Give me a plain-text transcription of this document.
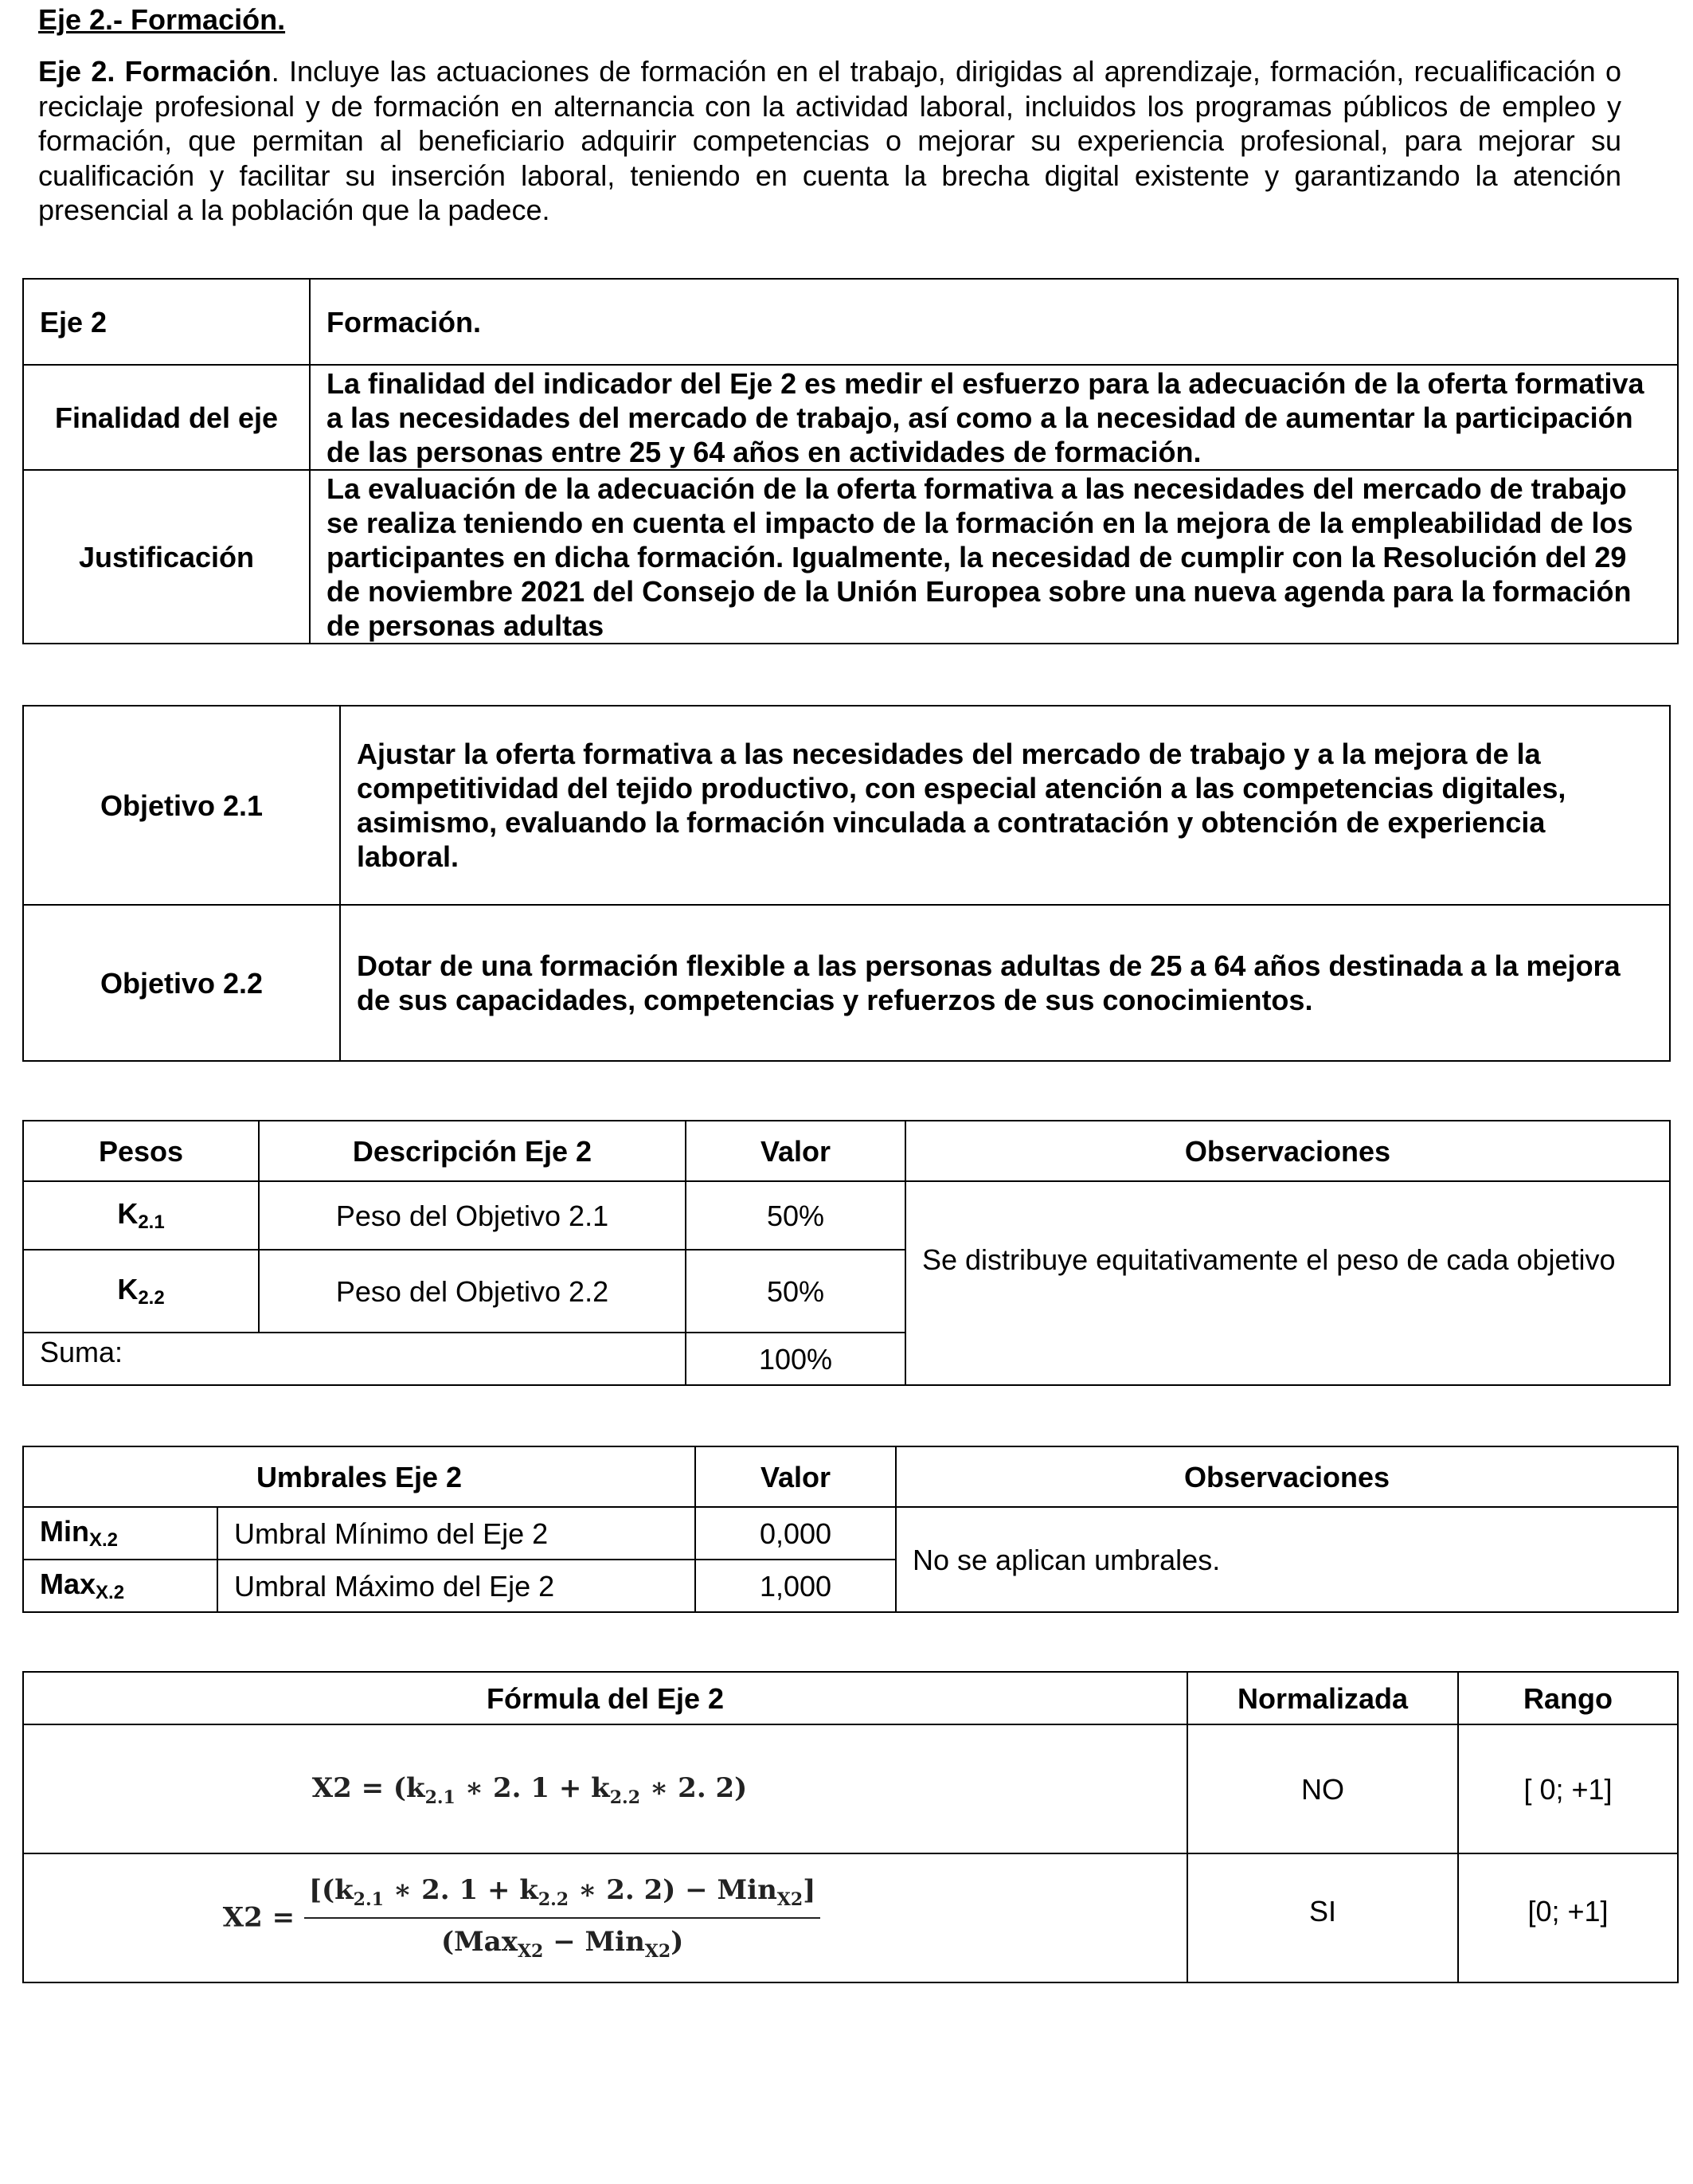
Eje 2.- Formación.
Eje 2. Formación. Incluye las actuaciones de formación en el trabajo, dirigidas al aprendizaje, formación, recualificación o reciclaje profesional y de formación en alternancia con la actividad laboral, incluidos los programas públicos de empleo y formación, que permitan al beneficiario adquirir competencias o mejorar su experiencia profesional, para mejorar su cualificación y facilitar su inserción laboral, teniendo en cuenta la brecha digital existente y garantizando la atención presencial a la población que la padece.
Eje 2	Formación.
Finalidad del eje	La finalidad del indicador del Eje 2 es medir el esfuerzo para la adecuación de la oferta formativa a las necesidades del mercado de trabajo, así como a la necesidad de aumentar la participación de las personas entre 25 y 64 años en actividades de formación.
Justificación	La evaluación de la adecuación de la oferta formativa a las necesidades del mercado de trabajo se realiza teniendo en cuenta el impacto de la formación en la mejora de la empleabilidad de los participantes en dicha formación. Igualmente, la necesidad de cumplir con la Resolución del 29 de noviembre 2021 del Consejo de la Unión Europea sobre una nueva agenda para la formación de personas adultas
Objetivo 2.1	Ajustar la oferta formativa a las necesidades del mercado de trabajo y a la mejora de la competitividad del tejido productivo, con especial atención a las competencias digitales, asimismo, evaluando la formación vinculada a contratación y obtención de experiencia laboral.
Objetivo 2.2	Dotar de una formación flexible a las personas adultas de 25 a 64 años destinada a la mejora de sus capacidades, competencias y refuerzos de sus conocimientos.
Pesos	Descripción Eje 2	Valor	Observaciones
K2.1	Peso del Objetivo 2.1	50%	Se distribuye equitativamente el peso de cada objetivo
K2.2	Peso del Objetivo 2.2	50%	
Suma:		100%	
Umbrales Eje 2		Valor	Observaciones
MinX.2	Umbral Mínimo del Eje 2	0,000	No se aplican umbrales.
MaxX.2	Umbral Máximo del Eje 2	1,000	
Fórmula del Eje 2	Normalizada	Rango
$X2 = (k_{2.1}$ ∗ 2. $1 + k_{2.2}$ ∗ 2. 2)	NO	[ 0; +1]
$X2 = \frac{[(k_{2.1} ∗ 2. 1 + k_{2.2} ∗ 2. 2) - Min_{X2}]}{(Max_{X2} - Min_{X2})}$	SI	[0; +1]
